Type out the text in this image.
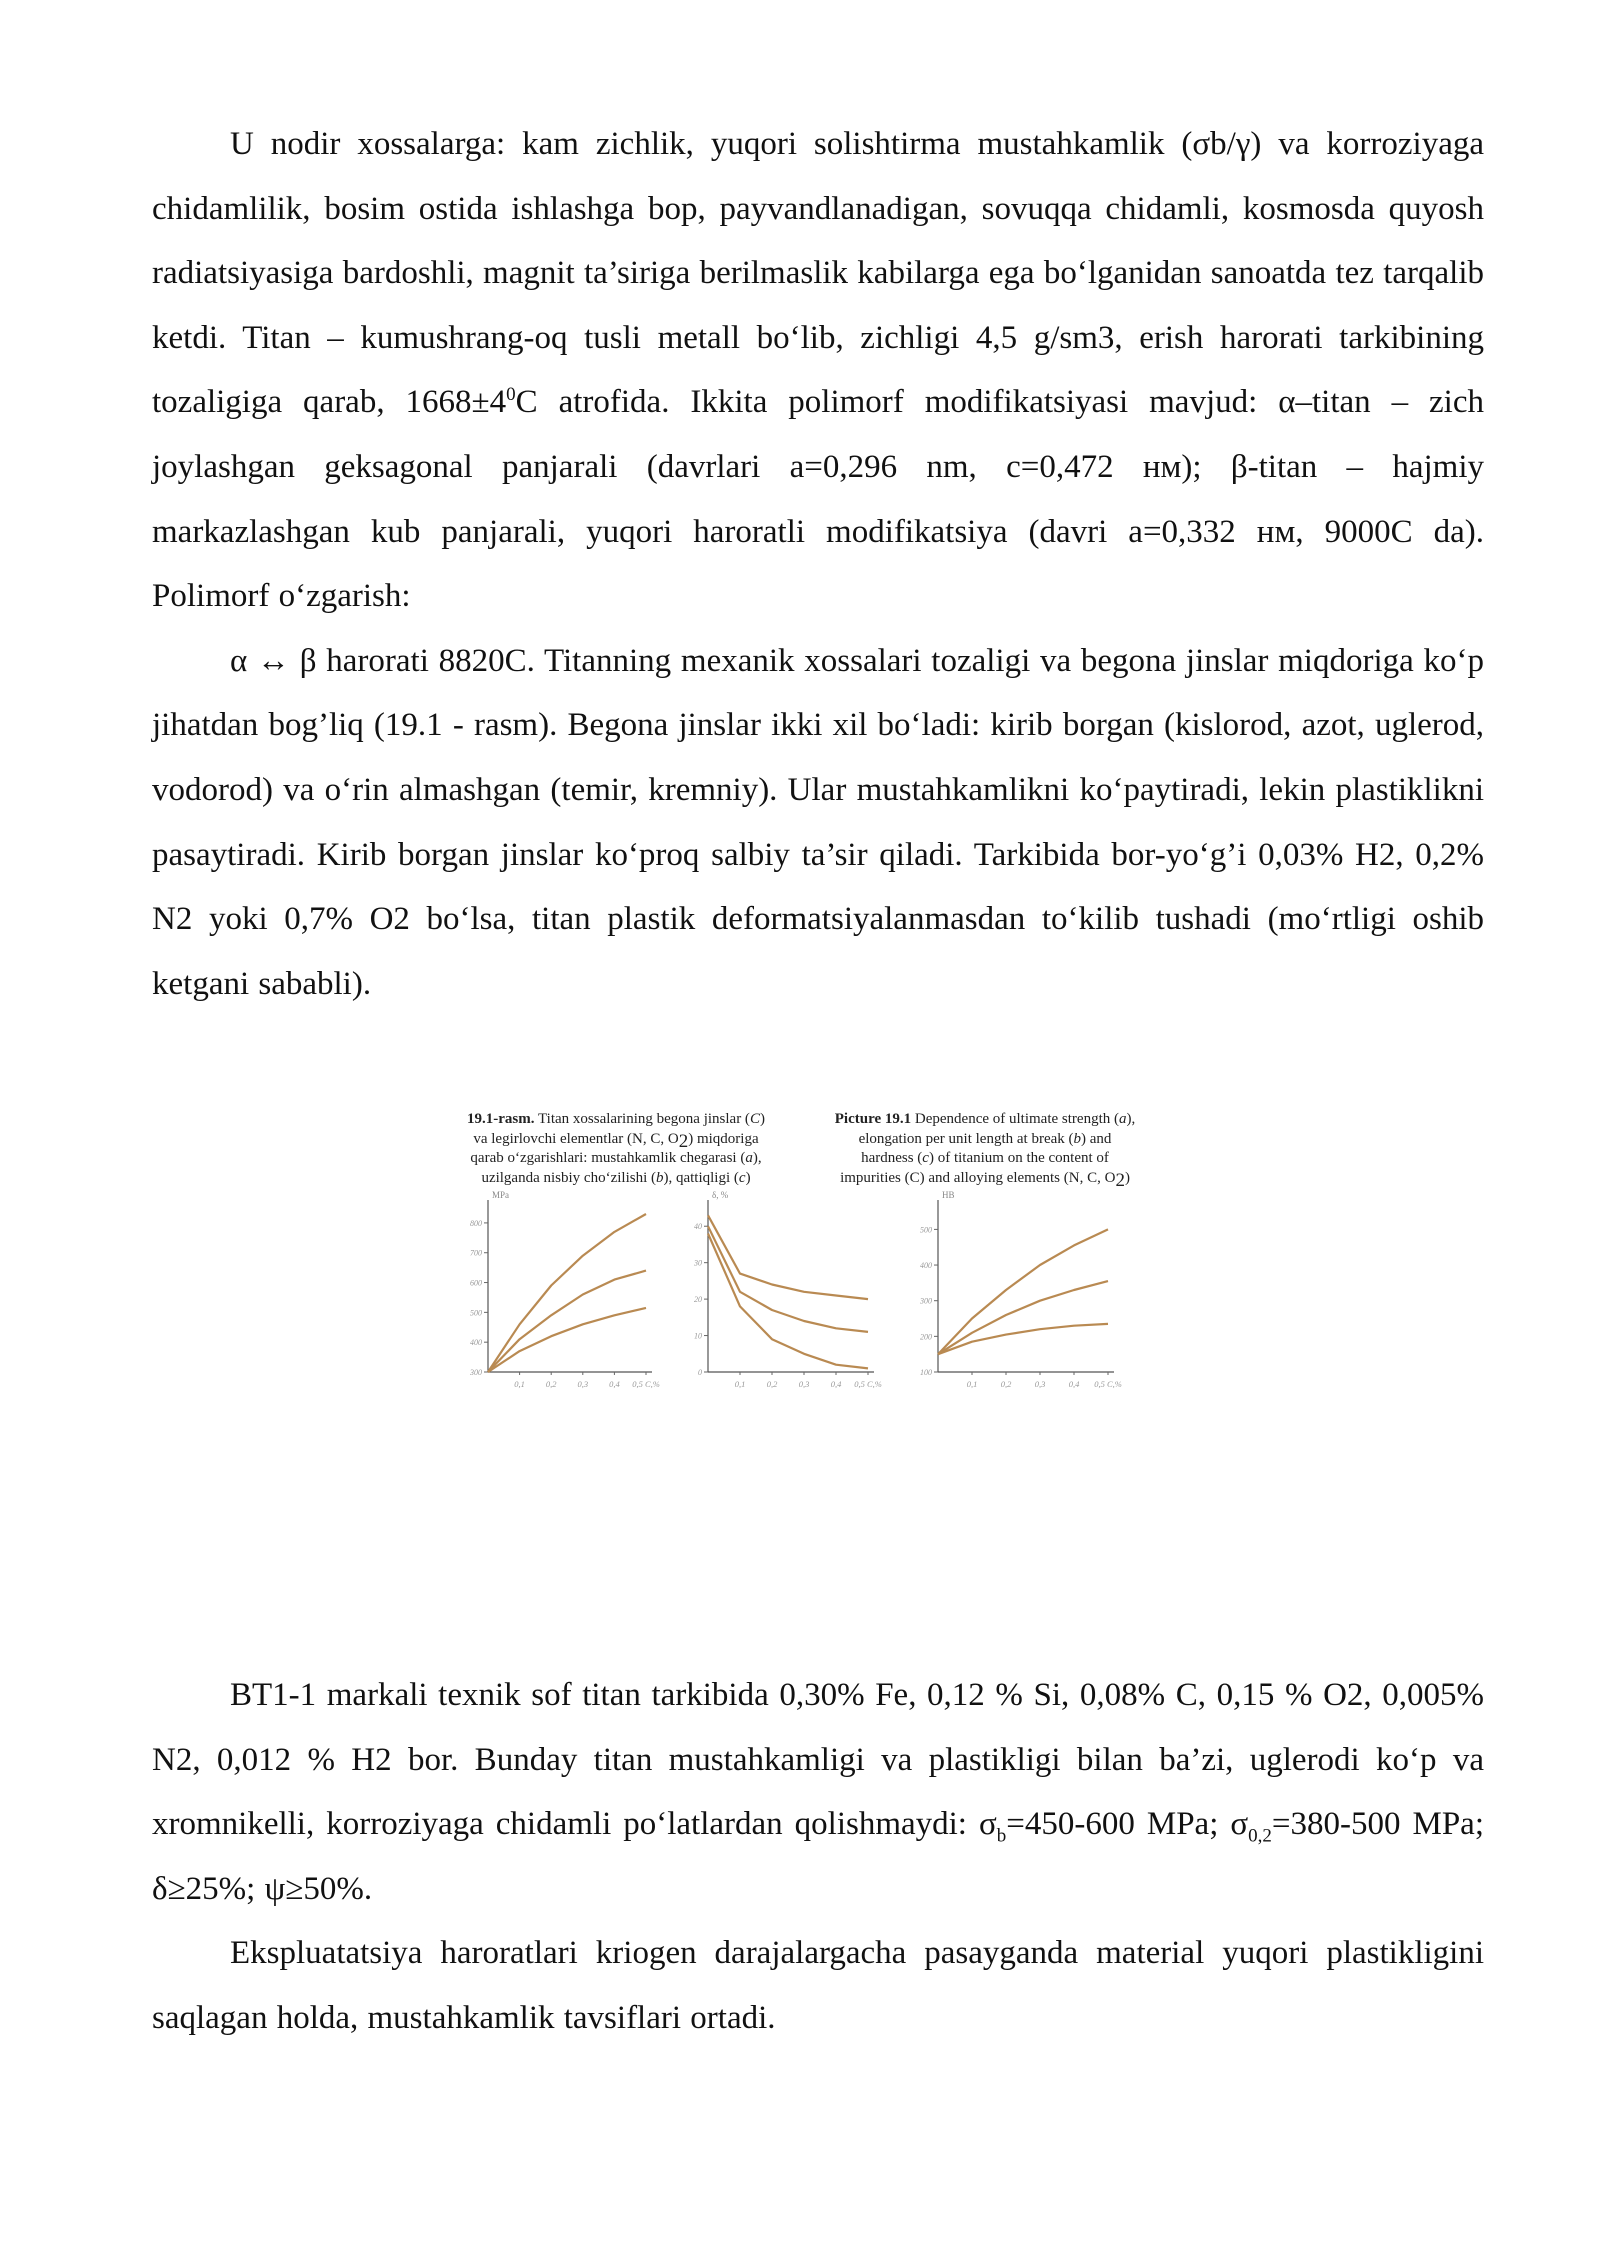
U nodir xossalarga: kam zichlik, yuqori solishtirma mustahkamlik (σb/γ) va korroziyaga chidamlilik, bosim ostida ishlashga bop, payvandlanadigan, sovuqqa chidamli, kosmosda quyosh radiatsiyasiga bardoshli, magnit ta’siriga berilmaslik kabilarga ega bo‘lganidan sanoatda tez tarqalib ketdi. Titan – kumushrang-oq tusli metall bo‘lib, zichligi 4,5 g/sm3, erish harorati tarkibining tozaligiga qarab, $1668\pm 4^0C$ atrofida. Ikkita polimorf modifikatsiyasi mavjud: α–titan – zich joylashgan geksagonal panjarali (davrlari a=0,296 nm, c=0,472 нм); β-titan – hajmiy markazlashgan kub panjarali, yuqori haroratli modifikatsiya (davri a=0,332 нм, 9000C da). Polimorf o‘zgarish:

α ↔ β harorati 8820C. Titanning mexanik xossalari tozaligi va begona jinslar miqdoriga ko‘p jihatdan bog’liq (19.1 - rasm). Begona jinslar ikki xil bo‘ladi: kirib borgan (kislorod, azot, uglerod, vodorod) va o‘rin almashgan (temir, kremniy). Ular mustahkamlikni ko‘paytiradi, lekin plastiklikni pasaytiradi. Kirib borgan jinslar ko‘proq salbiy ta’sir qiladi. Tarkibida bor-yo‘g’i 0,03% H2, 0,2% N2 yoki 0,7% O2 bo‘lsa, titan plastik deformatsiyalanmasdan to‘kilib tushadi (mo‘rtligi oshib ketgani sababli).

19.1-rasm. Titan xossalarining begona jinslar (C)
va legirlovchi elementlar (N, C, $O_2$) miqdoriga
qarab o‘zgarishlari: mustahkamlik chegarasi (a),
uzilganda nisbiy cho‘zilishi (b), qattiqligi (c)
Picture 19.1 Dependence of ultimate strength (a),
elongation per unit length at break (b) and
hardness (c) of titanium on the content of
impurities (C) and alloying elements (N, C, $O_2$)
MPa
300
400
500
600
700
800
0,1 0,2 0,3 0,4 0,5 C,%
δ, %
0
10
20
30
40
0,1	0,2	0,3	0,4 0,5 C,%
HB
100
200
300
400
500
0,1	0,2	0,3	0,4 0,5 C,%

BT1-1 markali texnik sof titan tarkibida 0,30% Fe, 0,12 % Si, 0,08% C, 0,15 % O2, 0,005% N2, 0,012 % H2 bor. Bunday titan mustahkamligi va plastikligi bilan ba’zi, uglerodi ko‘p va xromnikelli, korroziyaga chidamli po‘latlardan qolishmaydi: $\sigma_b=450-600$ MPa; $\sigma_{0,2}=380-500$ MPa; δ≥25%; ψ≥50%.

Ekspluatatsiya haroratlari kriogen darajalargacha pasayganda material yuqori plastikligini saqlagan holda, mustahkamlik tavsiflari ortadi.
